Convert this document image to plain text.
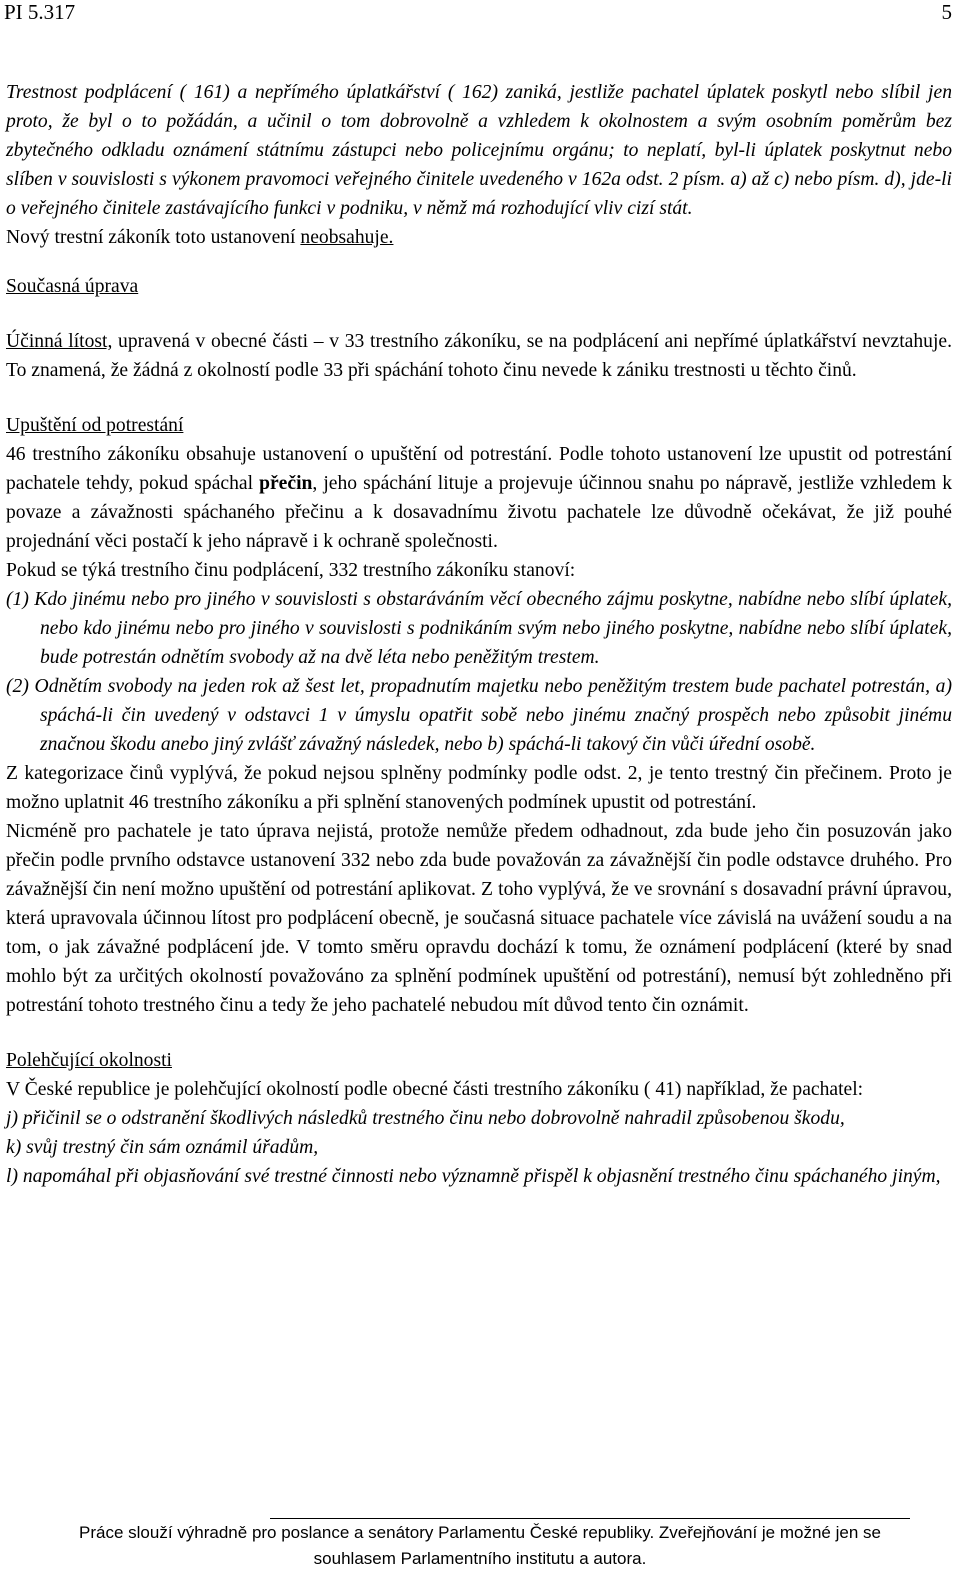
PI 5.317	5

Trestnost podplácení ( 161) a nepřímého úplatkářství ( 162) zaniká, jestliže pachatel úplatek poskytl nebo slíbil jen proto, že byl o to požádán, a učinil o tom dobrovolně a vzhledem k okolnostem a svým osobním poměrům bez zbytečného odkladu oznámení státnímu zástupci nebo policejnímu orgánu; to neplatí, byl-li úplatek poskytnut nebo slíben v souvislosti s výkonem pravomoci veřejného činitele uvedeného v 162a odst. 2 písm. a) až c) nebo písm. d), jde-li o veřejného činitele zastávajícího funkci v podniku, v němž má rozhodující vliv cizí stát.

Nový trestní zákoník toto ustanovení neobsahuje.

Současná úprava

Účinná lítost, upravená v obecné části – v 33 trestního zákoníku, se na podplácení ani nepřímé úplatkářství nevztahuje. To znamená, že žádná z okolností podle 33 při spáchání tohoto činu nevede k zániku trestnosti u těchto činů.

Upuštění od potrestání

46 trestního zákoníku obsahuje ustanovení o upuštění od potrestání. Podle tohoto ustanovení lze upustit od potrestání pachatele tehdy, pokud spáchal přečin, jeho spáchání lituje a projevuje účinnou snahu po nápravě, jestliže vzhledem k povaze a závažnosti spáchaného přečinu a k dosavadnímu životu pachatele lze důvodně očekávat, že již pouhé projednání věci postačí k jeho nápravě i k ochraně společnosti.

Pokud se týká trestního činu podplácení, 332 trestního zákoníku stanoví:

(1) Kdo jinému nebo pro jiného v souvislosti s obstaráváním věcí obecného zájmu poskytne, nabídne nebo slíbí úplatek, nebo kdo jinému nebo pro jiného v souvislosti s podnikáním svým nebo jiného poskytne, nabídne nebo slíbí úplatek, bude potrestán odnětím svobody až na dvě léta nebo peněžitým trestem.

(2) Odnětím svobody na jeden rok až šest let, propadnutím majetku nebo peněžitým trestem bude pachatel potrestán, a) spáchá-li čin uvedený v odstavci 1 v úmyslu opatřit sobě nebo jinému značný prospěch nebo způsobit jinému značnou škodu anebo jiný zvlášť závažný následek, nebo b) spáchá-li takový čin vůči úřední osobě.

Z kategorizace činů vyplývá, že pokud nejsou splněny podmínky podle odst. 2, je tento trestný čin přečinem. Proto je možno uplatnit 46 trestního zákoníku a při splnění stanovených podmínek upustit od potrestání.

Nicméně pro pachatele je tato úprava nejistá, protože nemůže předem odhadnout, zda bude jeho čin posuzován jako přečin podle prvního odstavce ustanovení 332 nebo zda bude považován za závažnější čin podle odstavce druhého. Pro závažnější čin není možno upuštění od potrestání aplikovat. Z toho vyplývá, že ve srovnání s dosavadní právní úpravou, která upravovala účinnou lítost pro podplácení obecně, je současná situace pachatele více závislá na uvážení soudu a na tom, o jak závažné podplácení jde. V tomto směru opravdu dochází k tomu, že oznámení podplácení (které by snad mohlo být za určitých okolností považováno za splnění podmínek upuštění od potrestání), nemusí být zohledněno při potrestání tohoto trestného činu a tedy že jeho pachatelé nebudou mít důvod tento čin oznámit.

Polehčující okolnosti

V České republice je polehčující okolností podle obecné části trestního zákoníku ( 41) například, že pachatel:

j) přičinil se o odstranění škodlivých následků trestného činu nebo dobrovolně nahradil způsobenou škodu,

k) svůj trestný čin sám oznámil úřadům,

l) napomáhal při objasňování své trestné činnosti nebo významně přispěl k objasnění trestného činu spáchaného jiným,

Práce slouží výhradně pro poslance a senátory Parlamentu České republiky. Zveřejňování je možné jen se
souhlasem Parlamentního institutu a autora.
